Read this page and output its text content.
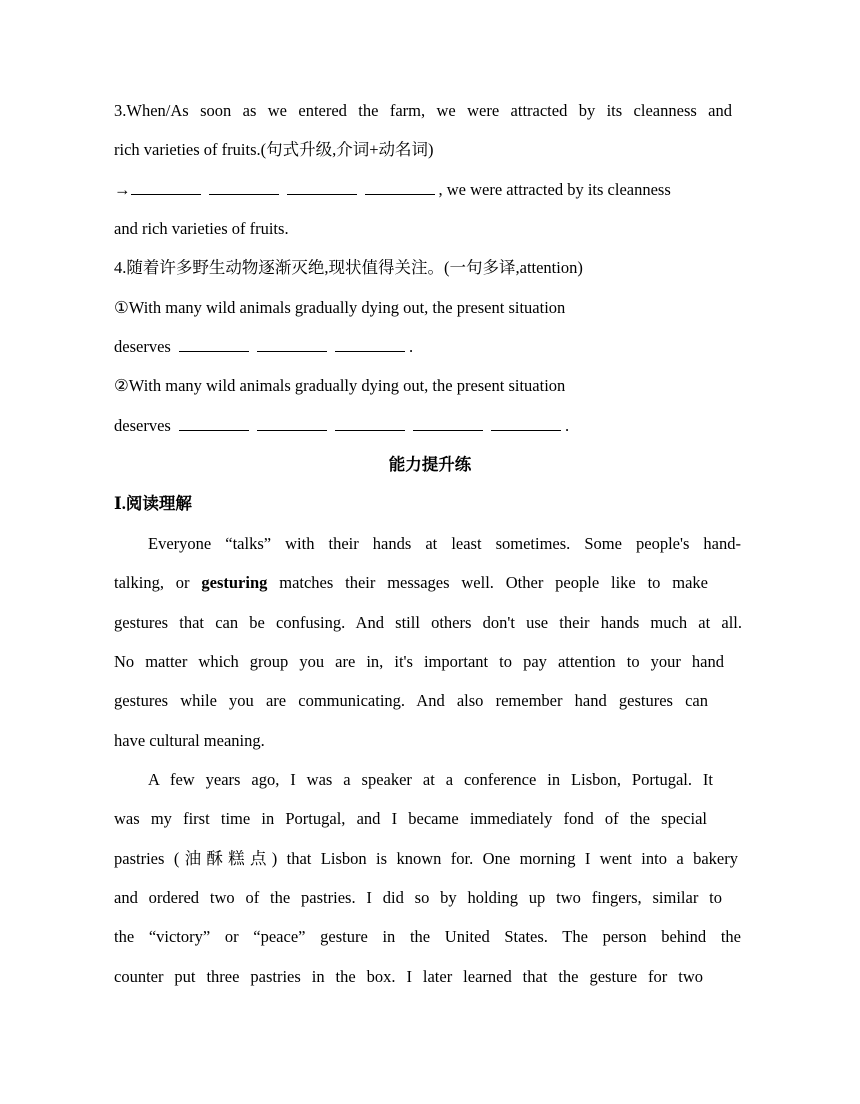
3.When/As soon as we entered the farm, we were attracted by its cleanness and
rich varieties of fruits.(句式升级,介词+动名词)
→	, we were attracted by its cleanness
and rich varieties of fruits.
4.随着许多野生动物逐渐灭绝,现状值得关注。(一句多译,attention)
①With many wild animals gradually dying out, the present situation
deserves	.
②With many wild animals gradually dying out, the present situation
deserves	.
能力提升练
Ⅰ.阅读理解
Everyone “talks” with their hands at least sometimes. Some people's hand-
talking, or gesturing matches their messages well. Other people like to make
gestures that can be confusing. And still others don't use their hands much at all.
No matter which group you are in, it's important to pay attention to your hand
gestures while you are communicating. And also remember hand gestures can
have cultural meaning.
A few years ago, I was a speaker at a conference in Lisbon, Portugal. It
was my first time in Portugal, and I became immediately fond of the special
pastries (油酥糕点) that Lisbon is known for. One morning I went into a bakery
and ordered two of the pastries. I did so by holding up two fingers, similar to
the “victory” or “peace” gesture in the United States. The person behind the
counter put three pastries in the box. I later learned that the gesture for two
